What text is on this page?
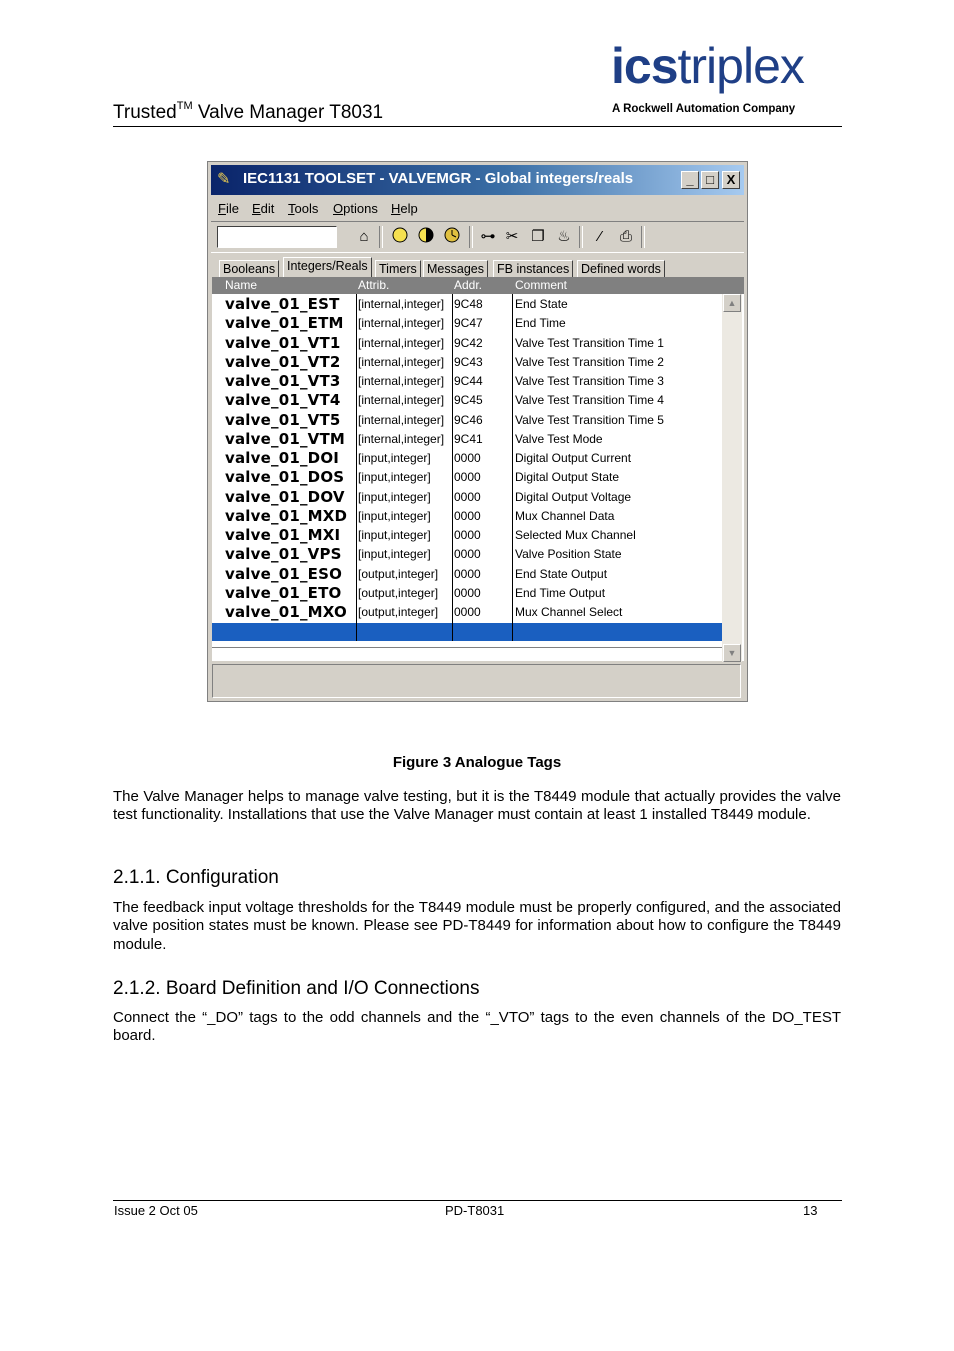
Trusted™ Valve Manager T8031
icstriplex
A Rockwell Automation Company
✎ IEC1131 TOOLSET - VALVEMGR - Global integers/reals	_ □ X
File Edit Tools Options Help
⌂	⊶ ✂ ❐ ♨	⁄	⎙
Booleans Integers/Reals Timers Messages	FB instances Defined words
Name	Attrib.	Addr.	Comment
valve_01_EST [internal,integer] 9C48	End State
valve_01_ETM [internal,integer] 9C47	End Time
valve_01_VT1 [internal,integer] 9C42	Valve Test Transition Time 1
valve_01_VT2 [internal,integer] 9C43	Valve Test Transition Time 2
valve_01_VT3 [internal,integer] 9C44	Valve Test Transition Time 3
valve_01_VT4 [internal,integer] 9C45	Valve Test Transition Time 4
valve_01_VT5 [internal,integer] 9C46	Valve Test Transition Time 5
valve_01_VTM [internal,integer] 9C41	Valve Test Mode
valve_01_DOI [input,integer] 0000	Digital Output Current
valve_01_DOS [input,integer] 0000	Digital Output State
valve_01_DOV [input,integer] 0000	Digital Output Voltage
valve_01_MXD [input,integer] 0000	Mux Channel Data
valve_01_MXI [input,integer] 0000	Selected Mux Channel
valve_01_VPS [input,integer] 0000	Valve Position State
valve_01_ESO [output,integer] 0000	End State Output
valve_01_ETO [output,integer] 0000	End Time Output
valve_01_MXO [output,integer] 0000	Mux Channel Select
▲
▼
Figure 3 Analogue Tags
The Valve Manager helps to manage valve testing, but it is the T8449 module that actually provides the valve test functionality. Installations that use the Valve Manager must contain at least 1 installed T8449 module.
2.1.1. Configuration
The feedback input voltage thresholds for the T8449 module must be properly configured, and the associated valve position states must be known. Please see PD-T8449 for information about how to configure the T8449 module.
2.1.2. Board Definition and I/O Connections
Connect the “_DO” tags to the odd channels and the “_VTO” tags to the even channels of the DO_TEST board.
Issue 2 Oct 05	PD-T8031	13
